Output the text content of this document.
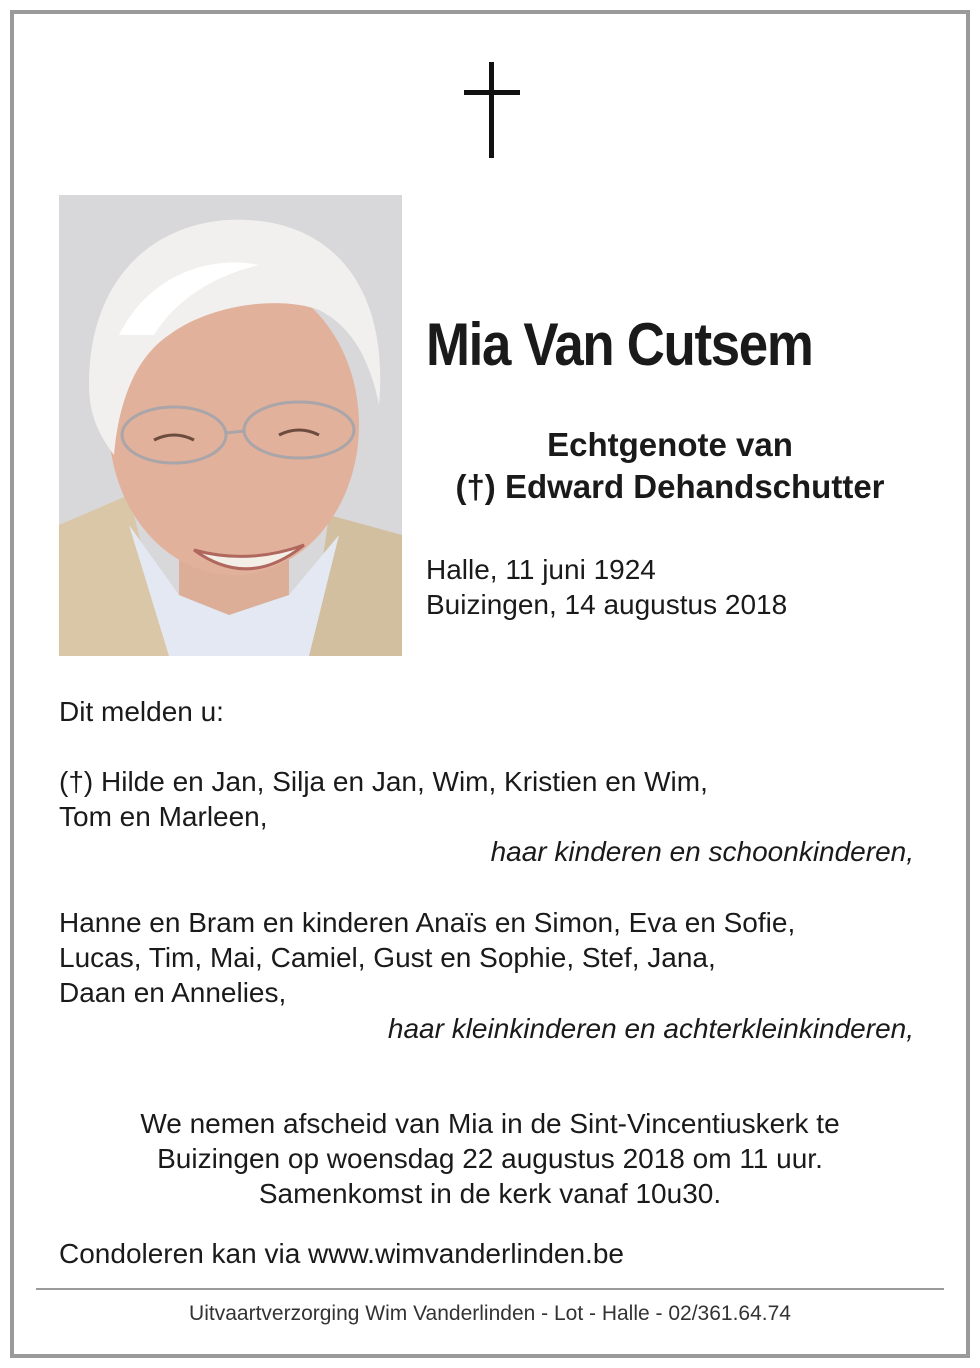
Mia Van Cutsem
Echtgenote van
(†) Edward Dehandschutter
Halle, 11 juni 1924
Buizingen, 14 augustus 2018
Dit melden u:
(†) Hilde en Jan, Silja en Jan, Wim, Kristien en Wim,
Tom en Marleen,
haar kinderen en schoonkinderen,
Hanne en Bram en kinderen Anaïs en Simon, Eva en Sofie,
Lucas, Tim, Mai, Camiel, Gust en Sophie, Stef, Jana,
Daan en Annelies,
haar kleinkinderen en achterkleinkinderen,
We nemen afscheid van Mia in de Sint-Vincentiuskerk te
Buizingen op woensdag 22 augustus 2018 om 11 uur.
Samenkomst in de kerk vanaf 10u30.
Condoleren kan via www.wimvanderlinden.be
Uitvaartverzorging Wim Vanderlinden - Lot - Halle - 02/361.64.74
